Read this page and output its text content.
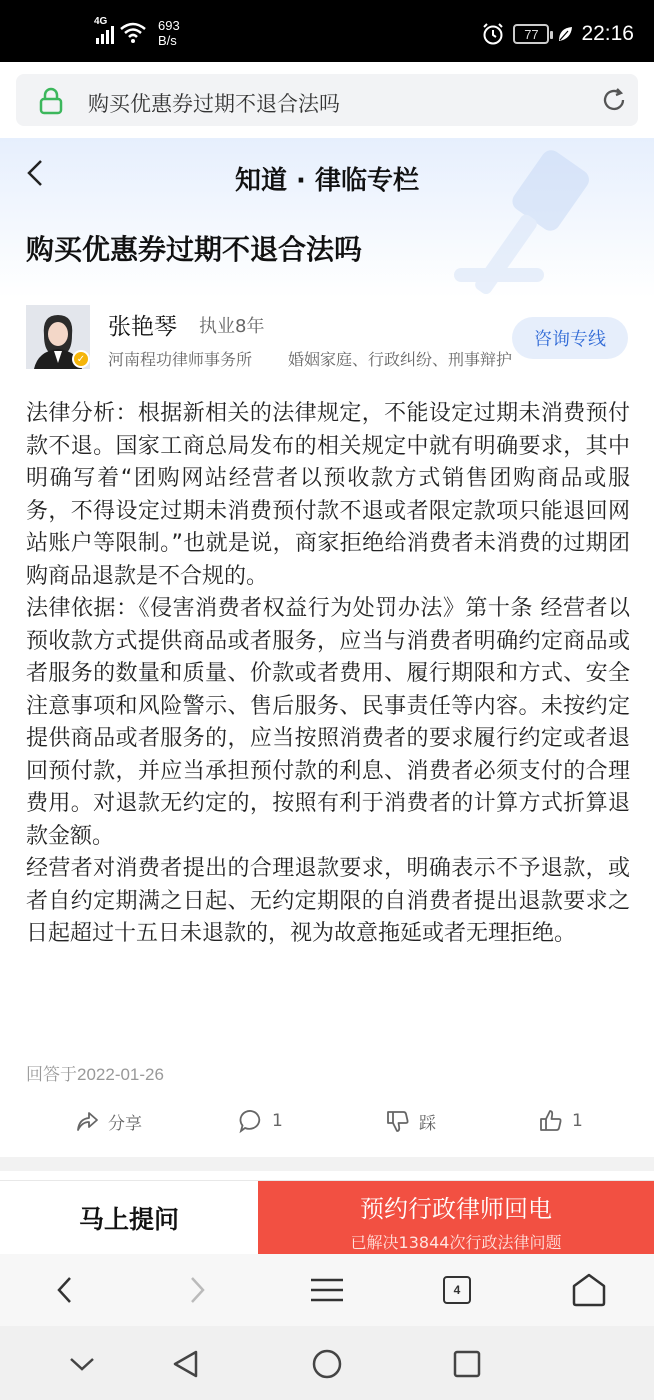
4G	693
B/s	77 22:16
购买优惠券过期不退合法吗
知道 · 律临专栏
购买优惠券过期不退合法吗
✓
张艳琴 执业8年
河南程功律师事务所 婚姻家庭、行政纠纷、刑事辩护
咨询专线

法律分析：根据新相关的法律规定，不能设定过期未消费预付款不退。国家工商总局发布的相关规定中就有明确要求，其中明确写着“团购网站经营者以预收款方式销售团购商品或服务，不得设定过期未消费预付款不退或者限定款项只能退回网站账户等限制。”也就是说，商家拒绝给消费者未消费的过期团购商品退款是不合规的。

法律依据：《侵害消费者权益行为处罚办法》第十条 经营者以预收款方式提供商品或者服务，应当与消费者明确约定商品或者服务的数量和质量、价款或者费用、履行期限和方式、安全注意事项和风险警示、售后服务、民事责任等内容。未按约定提供商品或者服务的，应当按照消费者的要求履行约定或者退回预付款，并应当承担预付款的利息、消费者必须支付的合理费用。对退款无约定的，按照有利于消费者的计算方式折算退款金额。

经营者对消费者提出的合理退款要求，明确表示不予退款，或者自约定期满之日起、无约定期限的自消费者提出退款要求之日起超过十五日未退款的，视为故意拖延或者无理拒绝。

回答于2022-01-26
分享	1	踩	1
马上提问	预约行政律师回电
已解决13844次行政法律问题
4
